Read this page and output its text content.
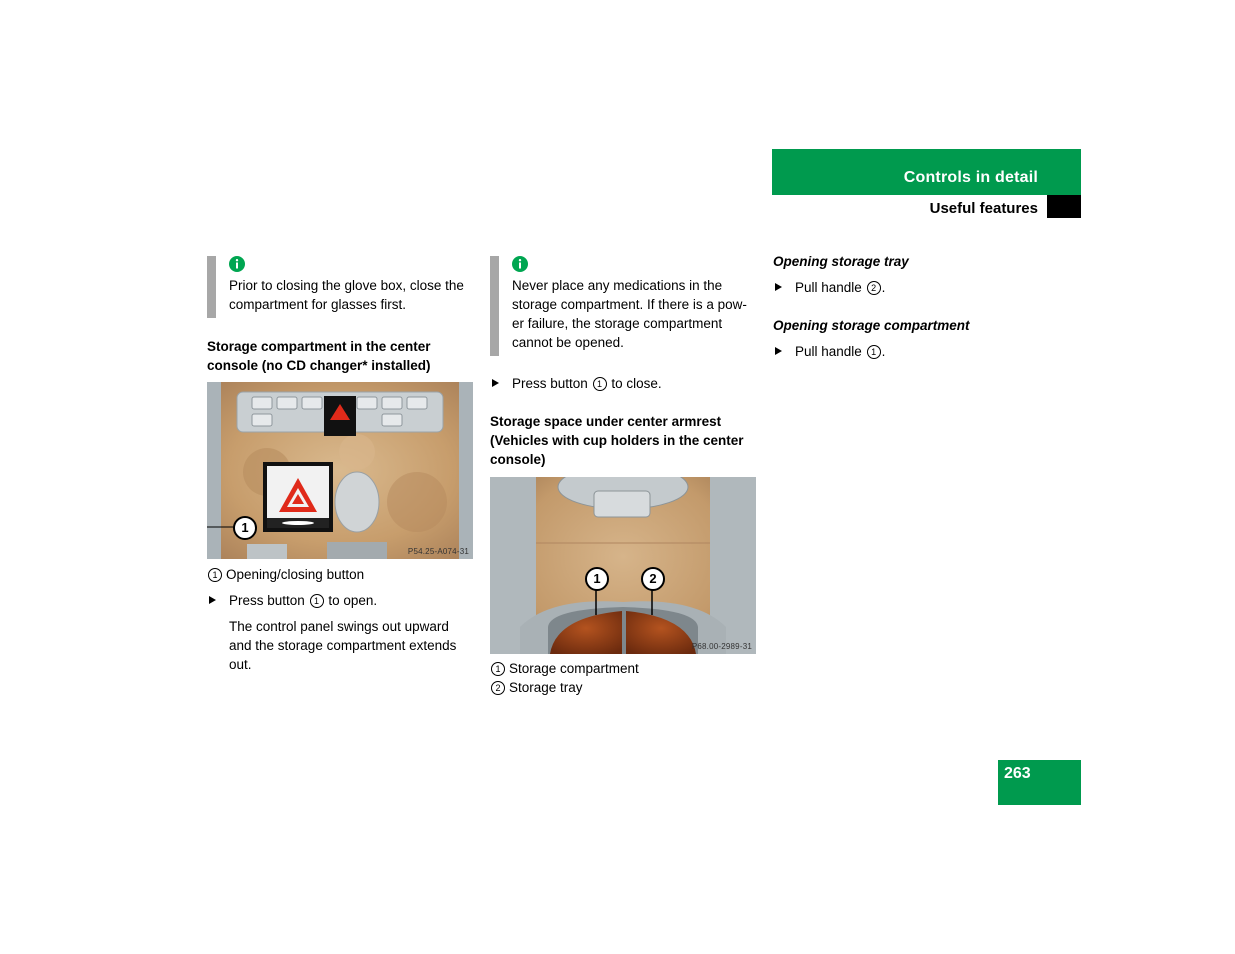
Controls in detail
Useful features

Prior to closing the glove box, close the compartment for glasses first.

Storage compartment in the center console (no CD changer* installed)

1
P54.25-A074-31
1 Opening/closing button
Press button 1 to open.

The control panel swings out upward and the storage compartment extends out.

Never place any medications in the storage compartment. If there is a pow-er failure, the storage compartment cannot be opened.

Press button 1 to close.

Storage space under center armrest (Vehicles with cup holders in the center console)

1	2
P68.00-2989-31
1 Storage compartment
2 Storage tray

Opening storage tray

Pull handle 2 .

Opening storage compartment

Pull handle 1 .
263
